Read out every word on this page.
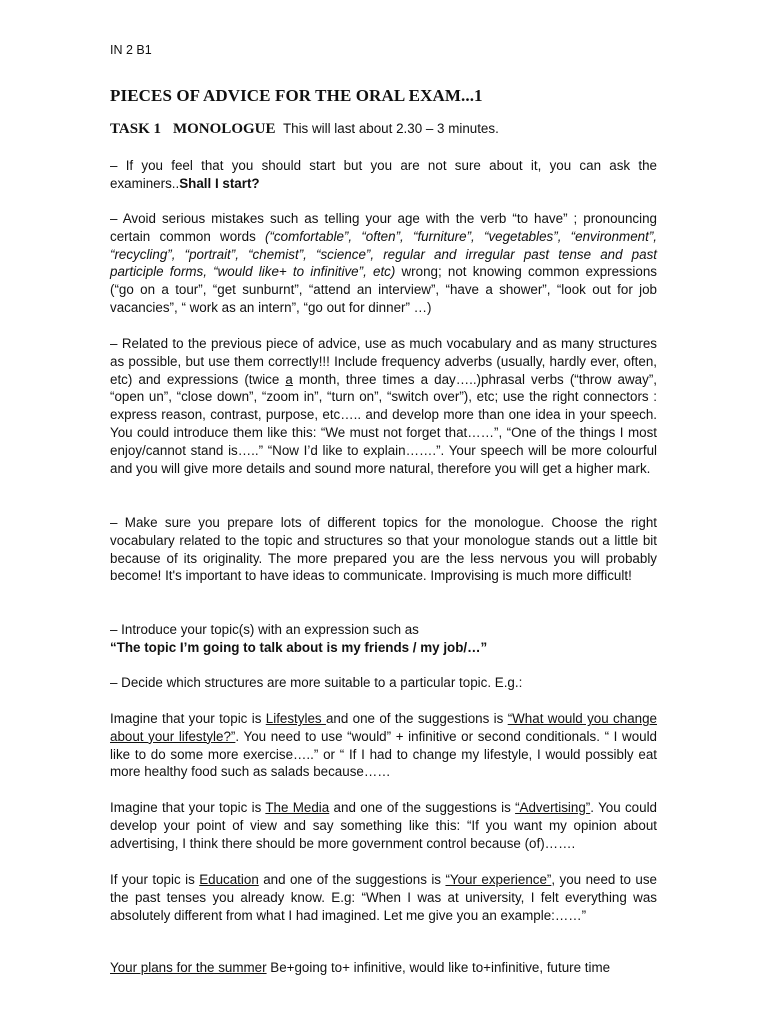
IN 2 B1
PIECES OF ADVICE FOR THE ORAL EXAM...1
TASK 1 MONOLOGUE This will last about 2.30 – 3 minutes.

– If you feel that you should start but you are not sure about it, you can ask the examiners..Shall I start?

– Avoid serious mistakes such as telling your age with the verb “to have” ; pronouncing certain common words (“comfortable”, “often”, “furniture”, “vegetables”, “environment”, “recycling”, “portrait”, “chemist”, “science”, regular and irregular past tense and past participle forms, “would like+ to infinitive”, etc) wrong; not knowing common expressions (“go on a tour”, “get sunburnt”, “attend an interview”, “have a shower”, “look out for job vacancies”, “ work as an intern”, “go out for dinner” …)

– Related to the previous piece of advice, use as much vocabulary and as many structures as possible, but use them correctly!!! Include frequency adverbs (usually, hardly ever, often, etc) and expressions (twice a month, three times a day…..)phrasal verbs (“throw away”, “open un”, “close down”, “zoom in”, “turn on”, “switch over”), etc; use the right connectors : express reason, contrast, purpose, etc….. and develop more than one idea in your speech. You could introduce them like this: “We must not forget that……”, “One of the things I most enjoy/cannot stand is…..” “Now I’d like to explain…….”. Your speech will be more colourful and you will give more details and sound more natural, therefore you will get a higher mark.

– Make sure you prepare lots of different topics for the monologue. Choose the right vocabulary related to the topic and structures so that your monologue stands out a little bit because of its originality. The more prepared you are the less nervous you will probably become! It's important to have ideas to communicate. Improvising is much more difficult!

– Introduce your topic(s) with an expression such as
“The topic I’m going to talk about is my friends / my job/…”

– Decide which structures are more suitable to a particular topic. E.g.:

Imagine that your topic is Lifestyles and one of the suggestions is “What would you change about your lifestyle?”. You need to use “would” + infinitive or second conditionals. “ I would like to do some more exercise…..” or “ If I had to change my lifestyle, I would possibly eat more healthy food such as salads because……

Imagine that your topic is The Media and one of the suggestions is “Advertising”. You could develop your point of view and say something like this: “If you want my opinion about advertising, I think there should be more government control because (of)…….

If your topic is Education and one of the suggestions is “Your experience”, you need to use the past tenses you already know. E.g: “When I was at university, I felt everything was absolutely different from what I had imagined. Let me give you an example:……”

Your plans for the summer Be+going to+ infinitive, would like to+infinitive, future time
